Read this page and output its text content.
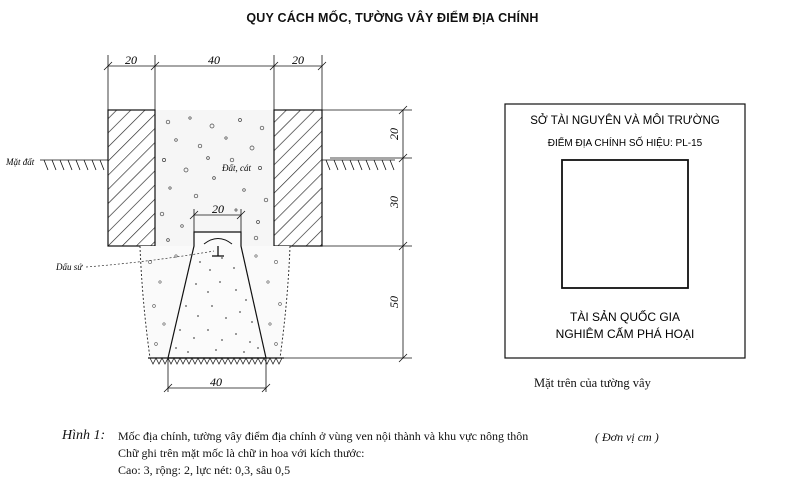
QUY CÁCH MỐC, TƯỜNG VÂY ĐIỂM ĐỊA CHÍNH
20	40	20
20
30
50
Mặt đất
Đất, cát
20
Dấu sứ
40
SỞ TÀI NGUYÊN VÀ MÔI TRƯỜNG
ĐIỂM ĐỊA CHÍNH SỐ HIỆU: PL-15
TÀI SẢN QUỐC GIA
NGHIÊM CẤM PHÁ HOẠI
Mặt trên của tường vây
Hình 1: Mốc địa chính, tường vây điểm địa chính ở vùng ven nội thành và khu vực nông thôn
Chữ ghi trên mặt mốc là chữ in hoa với kích thước:
Cao: 3, rộng: 2, lực nét: 0,3, sâu 0,5
( Đơn vị cm )
